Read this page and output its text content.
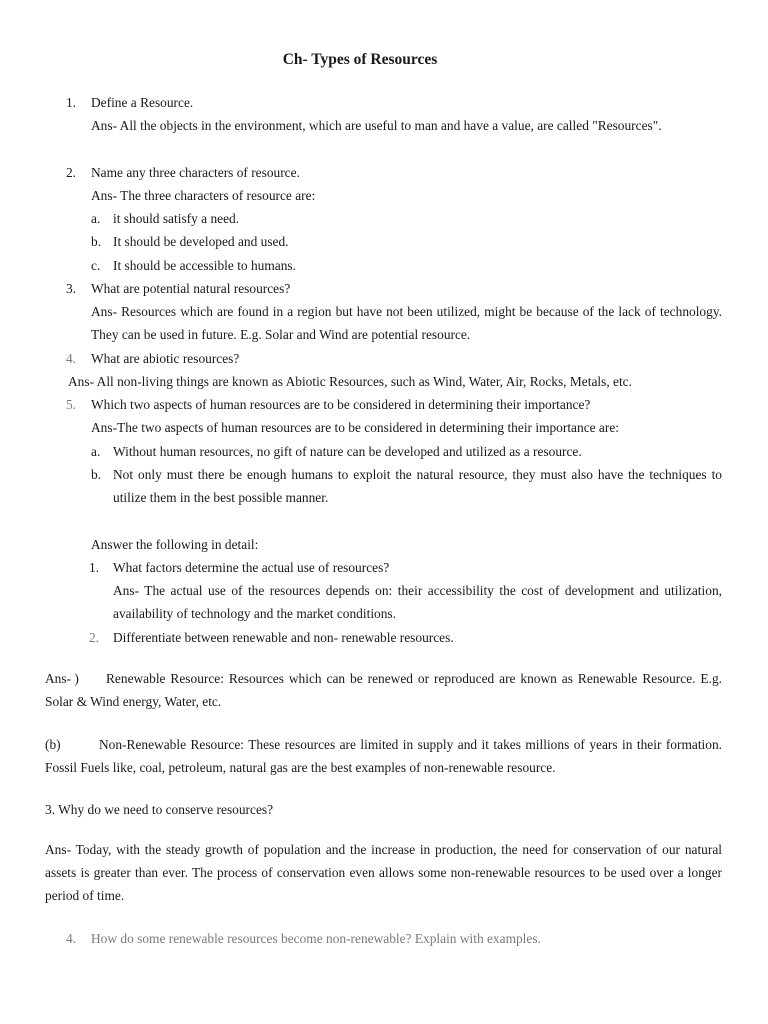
Ch- Types of Resources
1. Define a Resource.
Ans- All the objects in the environment, which are useful to man and have a value, are called "Resources".
2. Name any three characters of resource.
Ans- The three characters of resource are:
a. it should satisfy a need.
b. It should be developed and used.
c. It should be accessible to humans.
3. What are potential natural resources?
Ans- Resources which are found in a region but have not been utilized, might be because of the lack of technology. They can be used in future. E.g. Solar and Wind are potential resource.
4. What are abiotic resources?
Ans- All non-living things are known as Abiotic Resources, such as Wind, Water, Air, Rocks, Metals, etc.
5. Which two aspects of human resources are to be considered in determining their importance?
Ans-The two aspects of human resources are to be considered in determining their importance are:
a. Without human resources, no gift of nature can be developed and utilized as a resource.
b. Not only must there be enough humans to exploit the natural resource, they must also have the techniques to utilize them in the best possible manner.
Answer the following in detail:
1. What factors determine the actual use of resources?
Ans- The actual use of the resources depends on: their accessibility the cost of development and utilization, availability of technology and the market conditions.
2. Differentiate between renewable and non- renewable resources.
Renewable Resource: Resources which can be renewed or reproduced are known as Renewable Resource. E.g. Solar & Wind energy, Water, etc.
Ans- )
Non-Renewable Resource: These resources are limited in supply and it takes millions of years in their formation. Fossil Fuels like, coal, petroleum, natural gas are the best examples of non-renewable resource.
(b)
3. Why do we need to conserve resources?
Ans- Today, with the steady growth of population and the increase in production, the need for conservation of our natural assets is greater than ever. The process of conservation even allows some non-renewable resources to be used over a longer period of time.
4. How do some renewable resources become non-renewable? Explain with examples.
